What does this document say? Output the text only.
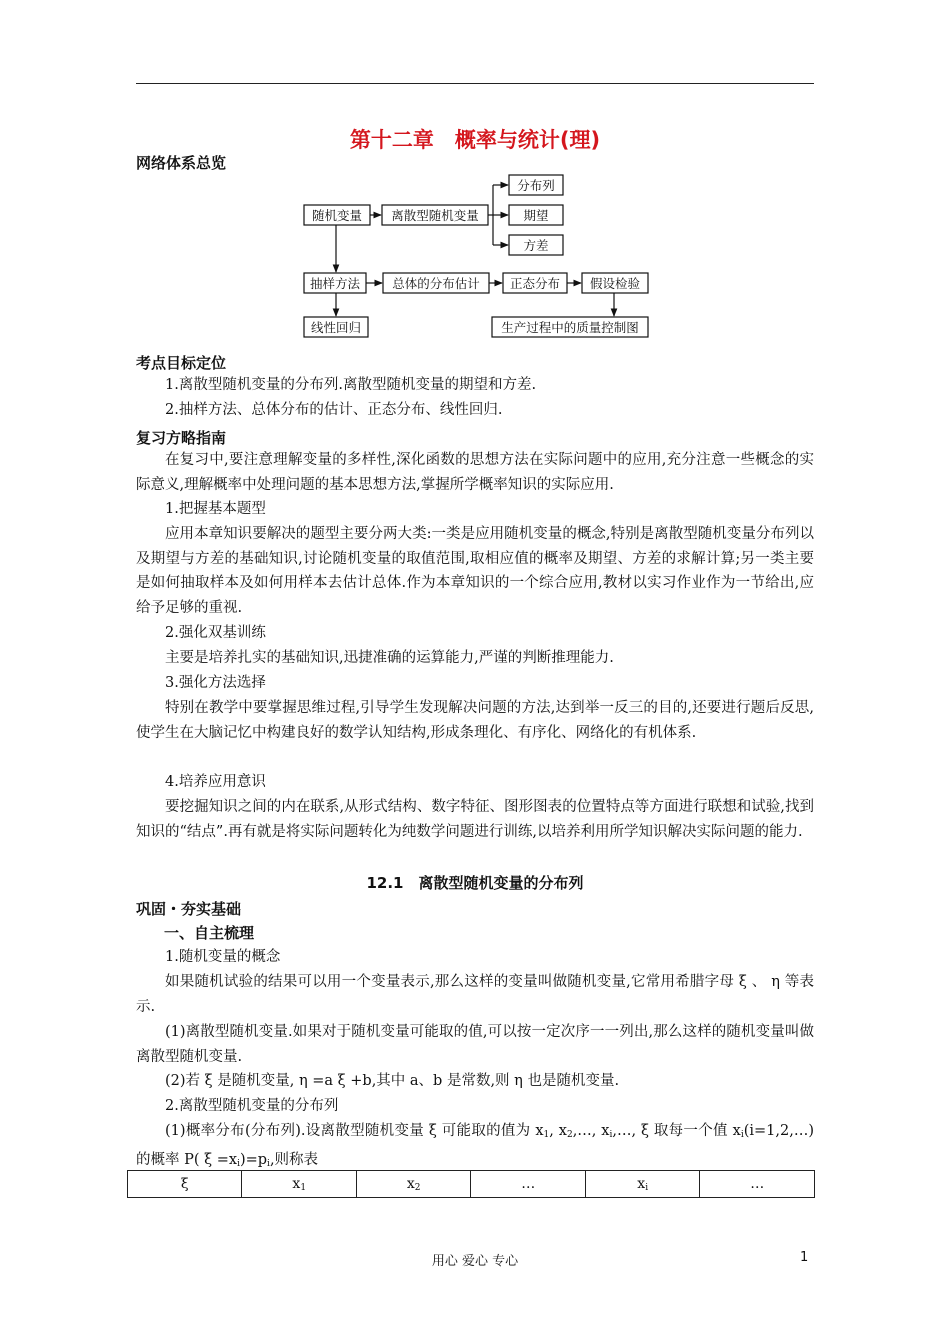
第十二章　概率与统计(理)
网络体系总览
随机变量 离散型随机变量
分布列
期望
方差
抽样方法	总体的分布估计 正态分布 假设检验
线性回归	生产过程中的质量控制图
考点目标定位
1.离散型随机变量的分布列.离散型随机变量的期望和方差.
2.抽样方法、总体分布的估计、正态分布、线性回归.
复习方略指南
在复习中,要注意理解变量的多样性,深化函数的思想方法在实际问题中的应用,充分注意一些概念的实际意义,理解概率中处理问题的基本思想方法,掌握所学概率知识的实际应用.
1.把握基本题型
应用本章知识要解决的题型主要分两大类:一类是应用随机变量的概念,特别是离散型随机变量分布列以及期望与方差的基础知识,讨论随机变量的取值范围,取相应值的概率及期望、方差的求解计算;另一类主要是如何抽取样本及如何用样本去估计总体.作为本章知识的一个综合应用,教材以实习作业作为一节给出,应给予足够的重视.
2.强化双基训练
主要是培养扎实的基础知识,迅捷准确的运算能力,严谨的判断推理能力.
3.强化方法选择
特别在教学中要掌握思维过程,引导学生发现解决问题的方法,达到举一反三的目的,还要进行题后反思,使学生在大脑记忆中构建良好的数学认知结构,形成条理化、有序化、网络化的有机体系.
4.培养应用意识
要挖掘知识之间的内在联系,从形式结构、数字特征、图形图表的位置特点等方面进行联想和试验,找到知识的“结点”.再有就是将实际问题转化为纯数学问题进行训练,以培养利用所学知识解决实际问题的能力.
12.1　离散型随机变量的分布列
巩固・夯实基础
一、自主梳理
1.随机变量的概念
如果随机试验的结果可以用一个变量表示,那么这样的变量叫做随机变量,它常用希腊字母 ξ 、 η 等表示.
(1)离散型随机变量.如果对于随机变量可能取的值,可以按一定次序一一列出,那么这样的随机变量叫做离散型随机变量.
(2)若 ξ 是随机变量, η =a ξ +b,其中 a、b 是常数,则 η 也是随机变量.
2.离散型随机变量的分布列
(1)概率分布(分布列).设离散型随机变量 ξ 可能取的值为 $x_1$, $x_2,\dots$, $x_i,\dots$, ξ 取每一个值 $x_i(i=1,2,\dots)$的概率 P( $\xi =x_i)=p_i$,则称表
ξ	$x_1$	$x_2$	…	$x_i$	…
用心 爱心 专心	1
